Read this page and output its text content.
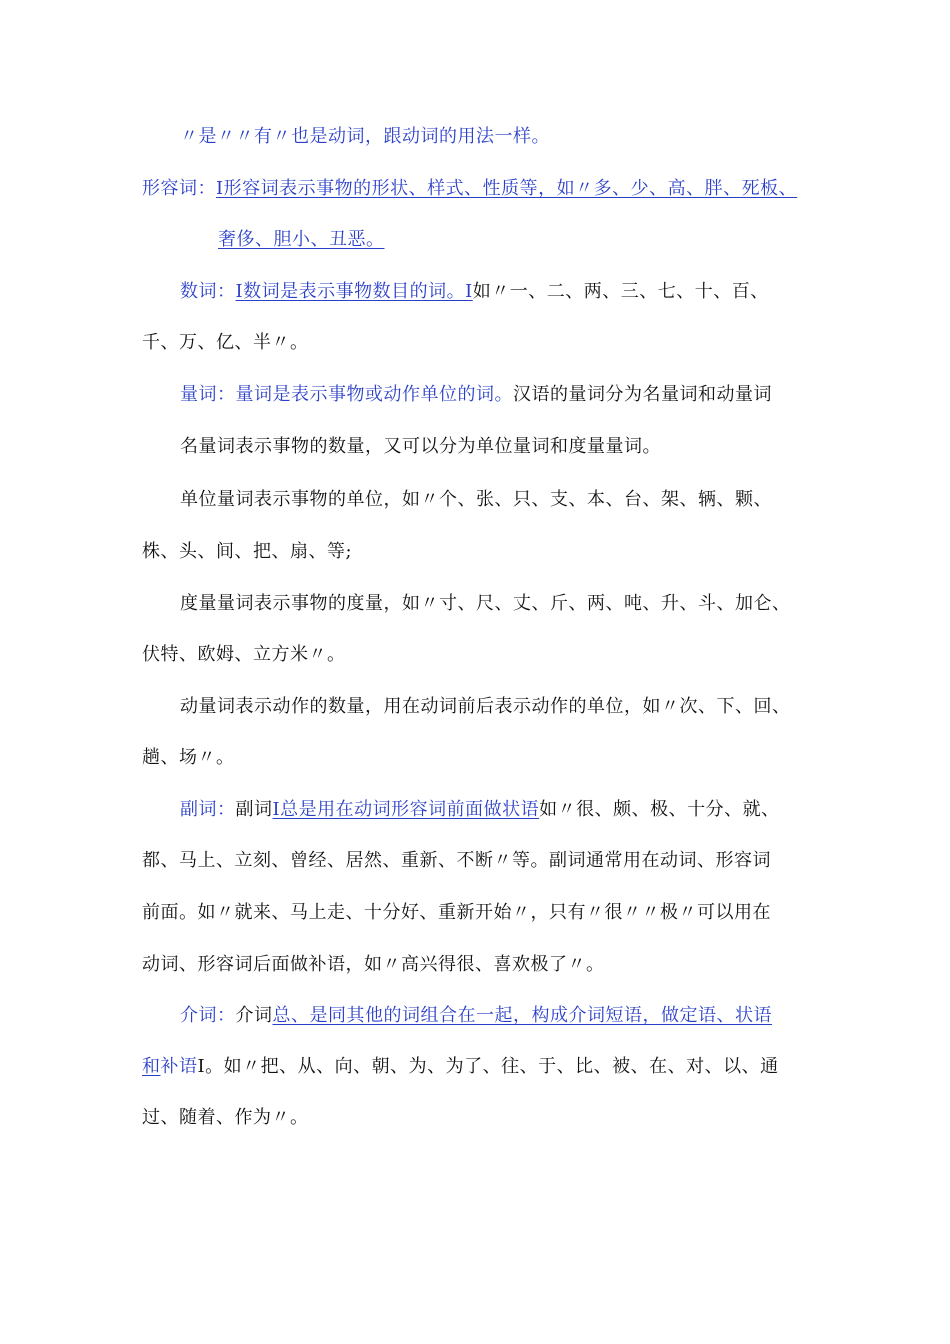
〃是〃〃有〃也是动词，跟动词的用法一样。
形容词：I形容词表示事物的形状、样式、性质等，如〃多、少、高、胖、死板、
奢侈、胆小、丑恶。
数词：I数词是表示事物数目的词。I如〃一、二、两、三、七、十、百、
千、万、亿、半〃。
量词：量词是表示事物或动作单位的词。汉语的量词分为名量词和动量词
名量词表示事物的数量，又可以分为单位量词和度量量词。
单位量词表示事物的单位，如〃个、张、只、支、本、台、架、辆、颗、
株、头、间、把、扇、等;
度量量词表示事物的度量，如〃寸、尺、丈、斤、两、吨、升、斗、加仑、
伏特、欧姆、立方米〃。
动量词表示动作的数量，用在动词前后表示动作的单位，如〃次、下、回、
趟、场〃。
副词：副词I总是用在动词形容词前面做状语如〃很、颇、极、十分、就、
都、马上、立刻、曾经、居然、重新、不断〃等。副词通常用在动词、形容词
前面。如〃就来、马上走、十分好、重新开始〃，只有〃很〃〃极〃可以用在
动词、形容词后面做补语，如〃高兴得很、喜欢极了〃。
介词：介词总、是同其他的词组合在一起，构成介词短语，做定语、状语
和补语I。如〃把、从、向、朝、为、为了、往、于、比、被、在、对、以、通
过、随着、作为〃。
